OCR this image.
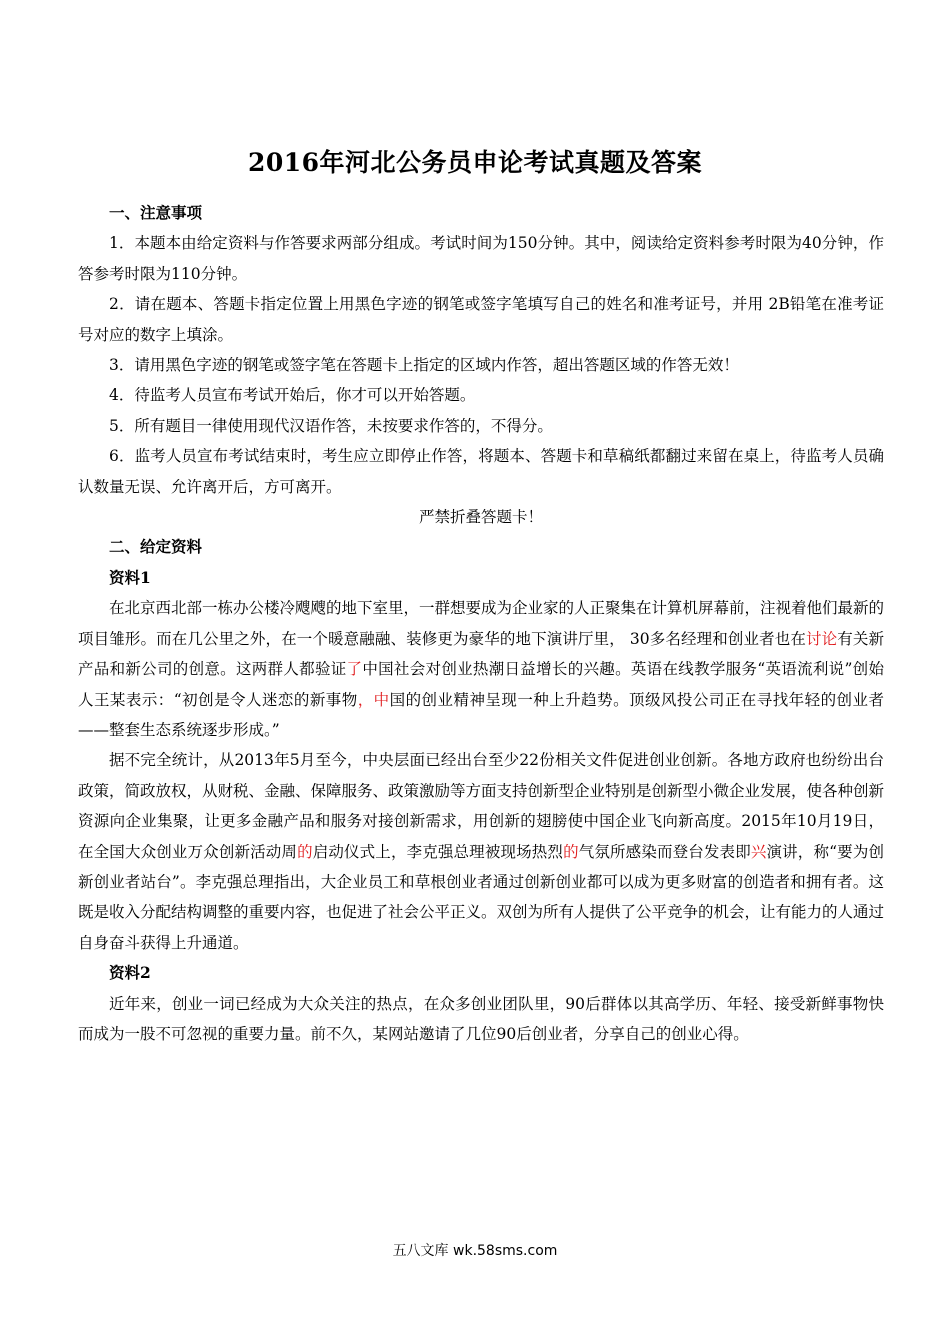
2016年河北公务员申论考试真题及答案
一、注意事项

1．本题本由给定资料与作答要求两部分组成。考试时间为150分钟。其中，阅读给定资料参考时限为40分钟，作答参考时限为110分钟。

2．请在题本、答题卡指定位置上用黑色字迹的钢笔或签字笔填写自己的姓名和准考证号，并用 2B铅笔在准考证号对应的数字上填涂。

3．请用黑色字迹的钢笔或签字笔在答题卡上指定的区域内作答，超出答题区域的作答无效！

4．待监考人员宣布考试开始后，你才可以开始答题。

5．所有题目一律使用现代汉语作答，未按要求作答的，不得分。

6．监考人员宣布考试结束时，考生应立即停止作答，将题本、答题卡和草稿纸都翻过来留在桌上，待监考人员确认数量无误、允许离开后，方可离开。

严禁折叠答题卡！

二、给定资料
资料1

在北京西北部一栋办公楼冷飕飕的地下室里，一群想要成为企业家的人正聚集在计算机屏幕前，注视着他们最新的项目雏形。而在几公里之外，在一个暖意融融、装修更为豪华的地下演讲厅里， 30多名经理和创业者也在讨论有关新产品和新公司的创意。这两群人都验证了中国社会对创业热潮日益增长的兴趣。英语在线教学服务“英语流利说”创始人王某表示：“初创是令人迷恋的新事物，中国的创业精神呈现一种上升趋势。顶级风投公司正在寻找年轻的创业者——整套生态系统逐步形成。”

据不完全统计，从2013年5月至今，中央层面已经出台至少22份相关文件促进创业创新。各地方政府也纷纷出台政策，简政放权，从财税、金融、保障服务、政策激励等方面支持创新型企业特别是创新型小微企业发展，使各种创新资源向企业集聚，让更多金融产品和服务对接创新需求，用创新的翅膀使中国企业飞向新高度。2015年10月19日，在全国大众创业万众创新活动周的启动仪式上，李克强总理被现场热烈的气氛所感染而登台发表即兴演讲，称“要为创新创业者站台”。李克强总理指出，大企业员工和草根创业者通过创新创业都可以成为更多财富的创造者和拥有者。这既是收入分配结构调整的重要内容，也促进了社会公平正义。双创为所有人提供了公平竞争的机会，让有能力的人通过自身奋斗获得上升通道。

资料2

近年来，创业一词已经成为大众关注的热点，在众多创业团队里，90后群体以其高学历、年轻、接受新鲜事物快而成为一股不可忽视的重要力量。前不久，某网站邀请了几位90后创业者，分享自己的创业心得。

五八文库 wk.58sms.com
